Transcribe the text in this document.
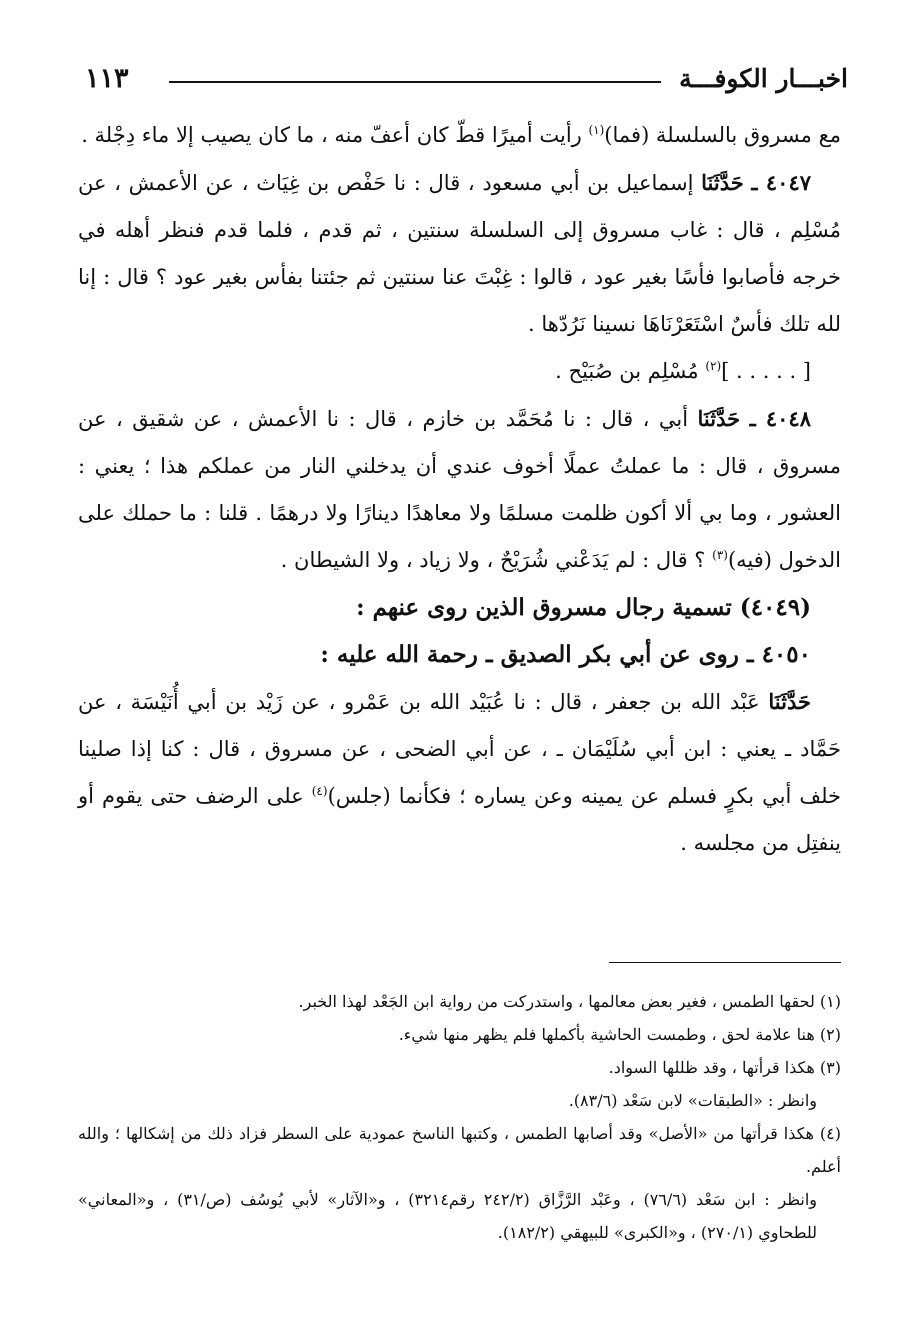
اخبـــار الكوفـــة
١١٣

مع مسروق بالسلسلة (فما)$^{(١)}$ رأيت أميرًا قطّ كان أعفّ منه ، ما كان يصيب إلا ماء دِجْلة .

٤٠٤٧ ـ حَدَّثَنَا إسماعيل بن أبي مسعود ، قال : نا حَفْص بن غِيَاث ، عن الأعمش ، عن مُسْلِم ، قال : غاب مسروق إلى السلسلة سنتين ، ثم قدم ، فلما قدم فنظر أهله في خرجه فأصابوا فأسًا بغير عود ، قالوا : غِبْتَ عنا سنتين ثم جئتنا بفأس بغير عود ؟ قال : إنا لله تلك فأسٌ اسْتَعَرْنَاهَا نسينا نَرُدّها .

[ . . . . . ]$^{(٢)}$ مُسْلِم بن صُبَيْح .

٤٠٤٨ ـ حَدَّثَنَا أبي ، قال : نا مُحَمَّد بن خازم ، قال : نا الأعمش ، عن شقيق ، عن مسروق ، قال : ما عملتُ عملًا أخوف عندي أن يدخلني النار من عملكم هذا ؛ يعني : العشور ، وما بي ألا أكون ظلمت مسلمًا ولا معاهدًا دينارًا ولا درهمًا . قلنا : ما حملك على الدخول (فيه)$^{(٣)}$ ؟ قال : لم يَدَعْني شُرَيْحٌ ، ولا زياد ، ولا الشيطان .

(٤٠٤٩) تسمية رجال مسروق الذين روى عنهم :

٤٠٥٠ ـ روى عن أبي بكر الصديق ـ رحمة الله عليه :

حَدَّثَنَا عَبْد الله بن جعفر ، قال : نا عُبَيْد الله بن عَمْرو ، عن زَيْد بن أبي أُنَيْسَة ، عن حَمَّاد ـ يعني : ابن أبي سُلَيْمَان ـ ، عن أبي الضحى ، عن مسروق ، قال : كنا إذا صلينا خلف أبي بكرٍ فسلم عن يمينه وعن يساره ؛ فكأنما (جلس)$^{(٤)}$ على الرضف حتى يقوم أو ينفتِل من مجلسه .

(١) لحقها الطمس ، فغير بعض معالمها ، واستدركت من رواية ابن الجَعْد لهذا الخبر.

(٢) هنا علامة لحق ، وطمست الحاشية بأكملها فلم يظهر منها شيء.

(٣) هكذا قرأتها ، وقد ظللها السواد.

وانظر : «الطبقات» لابن سَعْد (٨٣/٦).

(٤) هكذا قرأتها من «الأصل» وقد أصابها الطمس ، وكتبها الناسخ عمودية على السطر فزاد ذلك من إشكالها ؛ والله أعلم.

وانظر : ابن سَعْد (٧٦/٦) ، وعَبْد الرَّزَّاق (٢٤٢/٢ رقم٣٢١٤) ، و«الآثار» لأبي يُوسُف (ص/٣١) ، و«المعاني» للطحاوي (٢٧٠/١) ، و«الكبرى» للبيهقي (١٨٢/٢).
